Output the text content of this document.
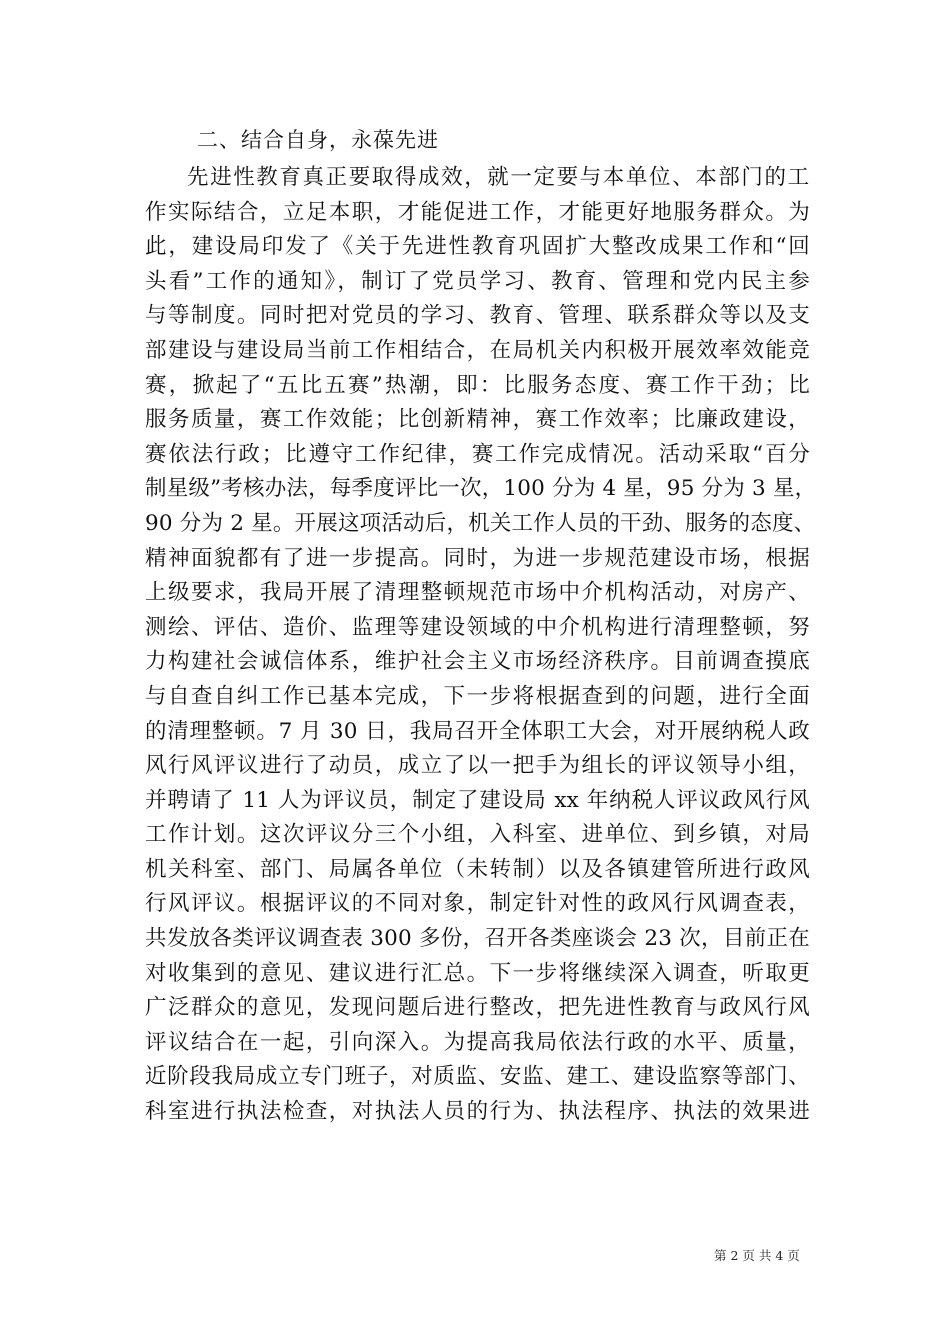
二、结合自身，永葆先进
先进性教育真正要取得成效，就一定要与本单位、本部门的工
作实际结合，立足本职，才能促进工作，才能更好地服务群众。为
此，建设局印发了《关于先进性教育巩固扩大整改成果工作和“回
头看”工作的通知》，制订了党员学习、教育、管理和党内民主参
与等制度。同时把对党员的学习、教育、管理、联系群众等以及支
部建设与建设局当前工作相结合，在局机关内积极开展效率效能竞
赛，掀起了“五比五赛”热潮，即：比服务态度、赛工作干劲；比
服务质量，赛工作效能；比创新精神，赛工作效率；比廉政建设，
赛依法行政；比遵守工作纪律，赛工作完成情况。活动采取“百分
制星级”考核办法，每季度评比一次，100 分为 4 星，95 分为 3 星，
90 分为 2 星。开展这项活动后，机关工作人员的干劲、服务的态度、
精神面貌都有了进一步提高。同时，为进一步规范建设市场，根据
上级要求，我局开展了清理整顿规范市场中介机构活动，对房产、
测绘、评估、造价、监理等建设领域的中介机构进行清理整顿，努
力构建社会诚信体系，维护社会主义市场经济秩序。目前调查摸底
与自查自纠工作已基本完成，下一步将根据查到的问题，进行全面
的清理整顿。7 月 30 日，我局召开全体职工大会，对开展纳税人政
风行风评议进行了动员，成立了以一把手为组长的评议领导小组，
并聘请了 11 人为评议员，制定了建设局 xx 年纳税人评议政风行风
工作计划。这次评议分三个小组，入科室、进单位、到乡镇，对局
机关科室、部门、局属各单位（未转制）以及各镇建管所进行政风
行风评议。根据评议的不同对象，制定针对性的政风行风调查表，
共发放各类评议调查表 300 多份，召开各类座谈会 23 次，目前正在
对收集到的意见、建议进行汇总。下一步将继续深入调查，听取更
广泛群众的意见，发现问题后进行整改，把先进性教育与政风行风
评议结合在一起，引向深入。为提高我局依法行政的水平、质量，
近阶段我局成立专门班子，对质监、安监、建工、建设监察等部门、
科室进行执法检查，对执法人员的行为、执法程序、执法的效果进
第 2 页 共 4 页
